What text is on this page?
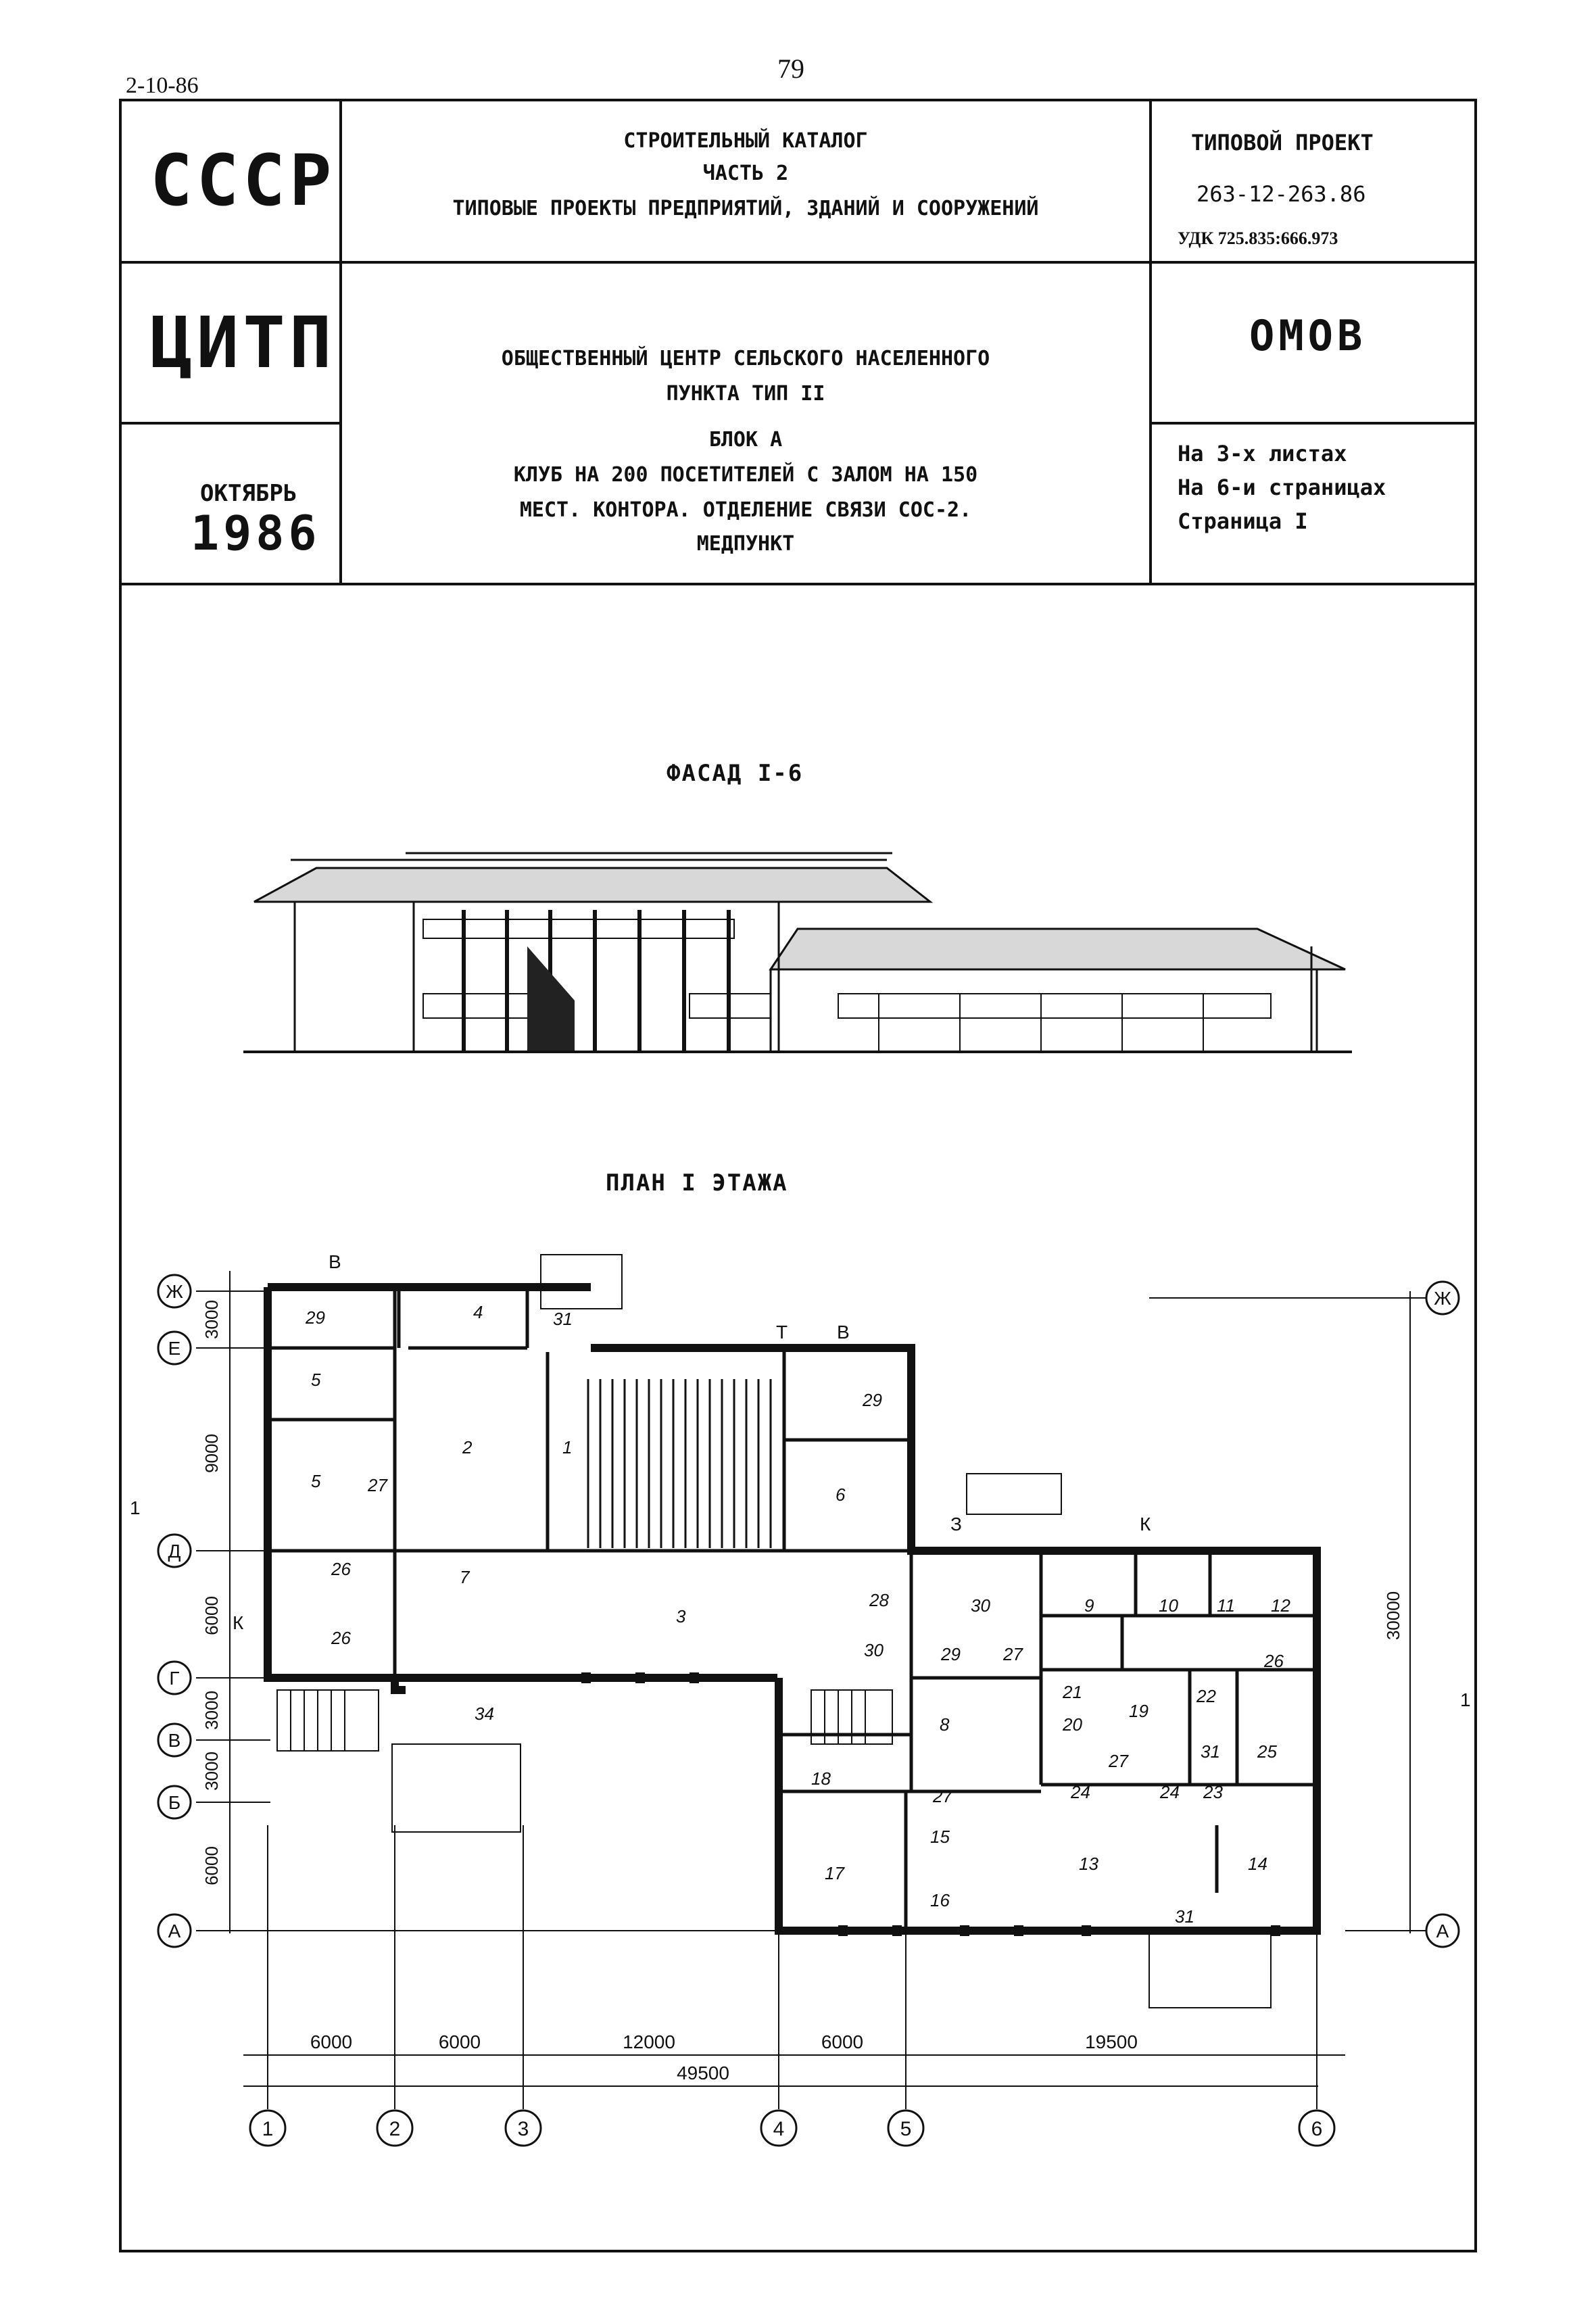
79
2-10-86
СССР
ЦИТП
ОКТЯБРЬ
1986
СТРОИТЕЛЬНЫЙ КАТАЛОГ
ЧАСТЬ 2
ТИПОВЫЕ ПРОЕКТЫ ПРЕДПРИЯТИЙ, ЗДАНИЙ И СООРУЖЕНИЙ
ОБЩЕСТВЕННЫЙ ЦЕНТР СЕЛЬСКОГО НАСЕЛЕННОГО
ПУНКТА ТИП II
БЛОК А
КЛУБ НА 200 ПОСЕТИТЕЛЕЙ С ЗАЛОМ НА 150
МЕСТ. КОНТОРА. ОТДЕЛЕНИЕ СВЯЗИ СОС-2.
МЕДПУНКТ
ТИПОВОЙ ПРОЕКТ
263-12-263.86
УДК 725.835:666.973
ОМОВ
На 3-х листах
На 6-и страницах
Страница I
ФАСАД I-6
ПЛАН I ЭТАЖА
29
5
5
2	1
4	31
7
26
26
27
3
34
29
6
28
30
30
29 27
9	10 11 12
8
21
20
19
22
26
31 25
18
27
27
24	24 23
15
16
17	13	14
31
В
Т	В
З	К
К
1
1
Ж
Е
Д
Г
В
Б
А
Ж
А
3000
9000
6000
3000
3000
6000
30000
6000	6000	12000	6000	19500
49500
1	2	3	4	5	6
